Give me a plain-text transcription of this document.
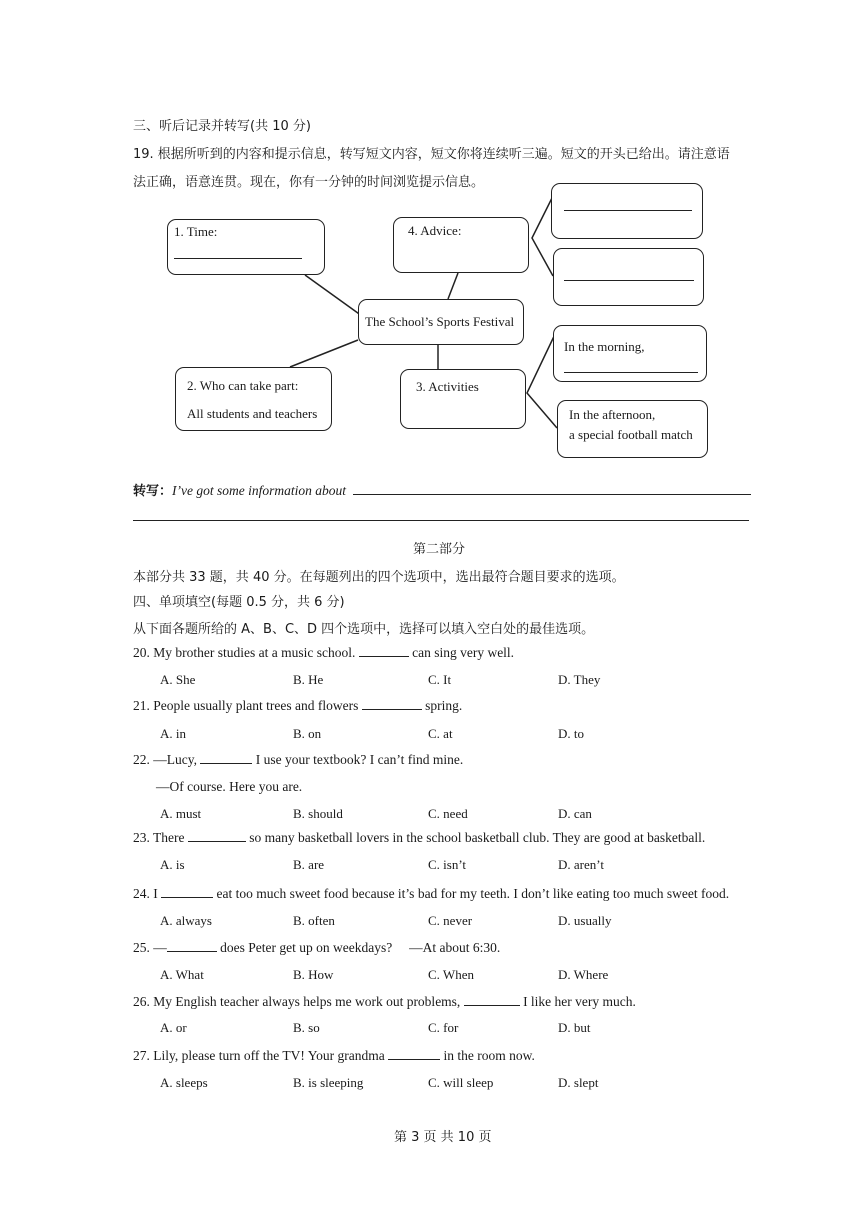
三、听后记录并转写(共 10 分)
19. 根据所听到的内容和提示信息，转写短文内容，短文你将连续听三遍。短文的开头已给出。请注意语
法正确，语意连贯。现在，你有一分钟的时间浏览提示信息。
1. Time:	4. Advice:
The School’s Sports Festival
2. Who can take part:
All students and teachers
3. Activities
In the morning,
In the afternoon,
a special football match
转写：I’ve got some information about
第二部分
本部分共 33 题，共 40 分。在每题列出的四个选项中，选出最符合题目要求的选项。
四、单项填空(每题 0.5 分，共 6 分)
从下面各题所给的 A、B、C、D 四个选项中，选择可以填入空白处的最佳选项。
20. My brother studies at a music school.	can sing very well.
A. She	B. He	C. It	D. They
21. People usually plant trees and flowers	spring.
A. in	B. on	C. at	D. to
22. —Lucy,	I use your textbook? I can’t find mine.
—Of course. Here you are.
A. must	B. should	C. need	D. can
23. There	so many basketball lovers in the school basketball club. They are good at basketball.
A. is	B. are	C. isn’t	D. aren’t
24. I	eat too much sweet food because it’s bad for my teeth. I don’t like eating too much sweet food.
A. always	B. often	C. never	D. usually
25. —	does Peter get up on weekdays?     —At about 6:30.
A. What	B. How	C. When	D. Where
26. My English teacher always helps me work out problems,	I like her very much.
A. or	B. so	C. for	D. but
27. Lily, please turn off the TV! Your grandma	in the room now.
A. sleeps	B. is sleeping	C. will sleep	D. slept
第 3 页 共 10 页
